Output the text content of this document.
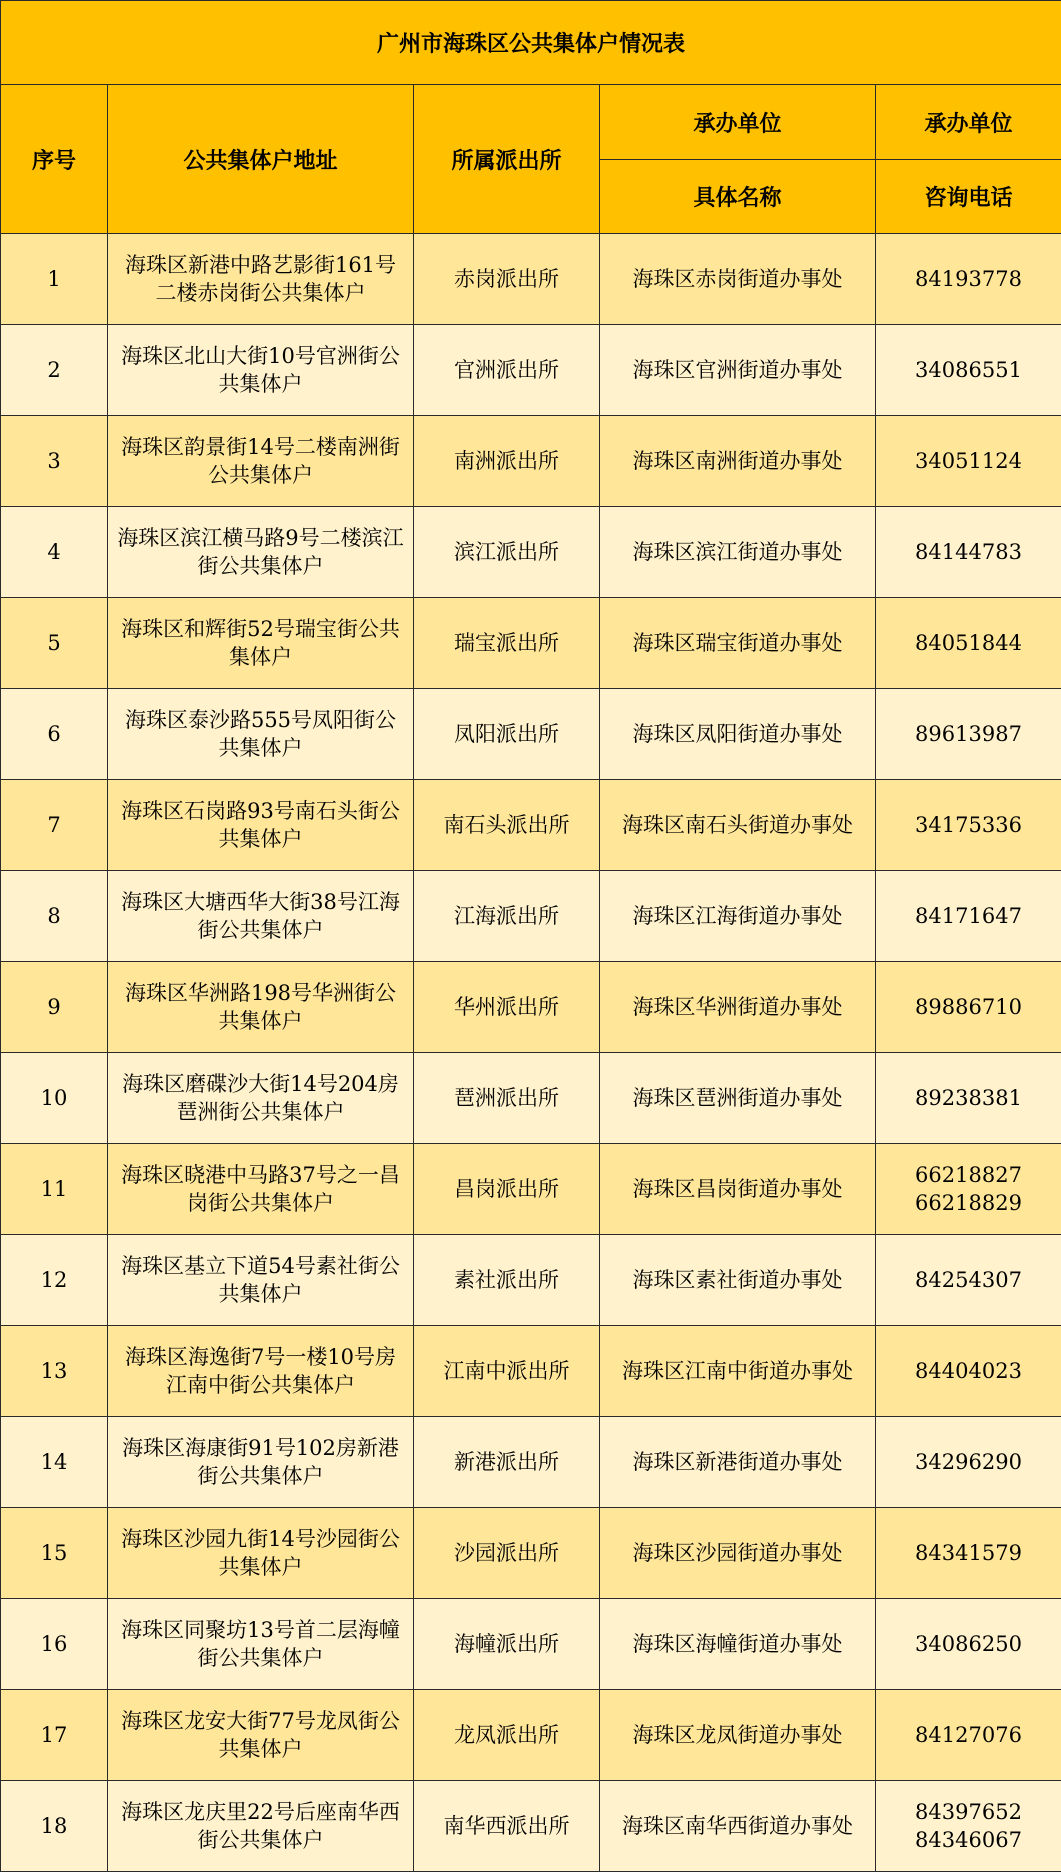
广州市海珠区公共集体户情况表				
序号	公共集体户地址	所属派出所	承办单位	承办单位
			具体名称	咨询电话
1	海珠区新港中路艺影街161号二楼赤岗街公共集体户	赤岗派出所	海珠区赤岗街道办事处	84193778

2	海珠区北山大街10号官洲街公共集体户	官洲派出所	海珠区官洲街道办事处	34086551

3	海珠区韵景街14号二楼南洲街公共集体户	南洲派出所	海珠区南洲街道办事处	34051124

4	海珠区滨江横马路9号二楼滨江街公共集体户	滨江派出所	海珠区滨江街道办事处	84144783

5	海珠区和辉街52号瑞宝街公共集体户	瑞宝派出所	海珠区瑞宝街道办事处	84051844

6	海珠区泰沙路555号凤阳街公共集体户	凤阳派出所	海珠区凤阳街道办事处	89613987

7	海珠区石岗路93号南石头街公共集体户	南石头派出所	海珠区南石头街道办事处	34175336

8	海珠区大塘西华大街38号江海街公共集体户	江海派出所	海珠区江海街道办事处	84171647

9	海珠区华洲路198号华洲街公共集体户	华州派出所	海珠区华洲街道办事处	89886710

10	海珠区磨碟沙大街14号204房琶洲街公共集体户	琶洲派出所	海珠区琶洲街道办事处	89238381

11	海珠区晓港中马路37号之一昌岗街公共集体户	昌岗派出所	海珠区昌岗街道办事处	66218827
66218829

12	海珠区基立下道54号素社街公共集体户	素社派出所	海珠区素社街道办事处	84254307

13	海珠区海逸街7号一楼10号房江南中街公共集体户	江南中派出所	海珠区江南中街道办事处	84404023

14	海珠区海康街91号102房新港街公共集体户	新港派出所	海珠区新港街道办事处	34296290

15	海珠区沙园九街14号沙园街公共集体户	沙园派出所	海珠区沙园街道办事处	84341579

16	海珠区同聚坊13号首二层海幢街公共集体户	海幢派出所	海珠区海幢街道办事处	34086250

17	海珠区龙安大街77号龙凤街公共集体户	龙凤派出所	海珠区龙凤街道办事处	84127076

18	海珠区龙庆里22号后座南华西街公共集体户	南华西派出所	海珠区南华西街道办事处	84397652
84346067
